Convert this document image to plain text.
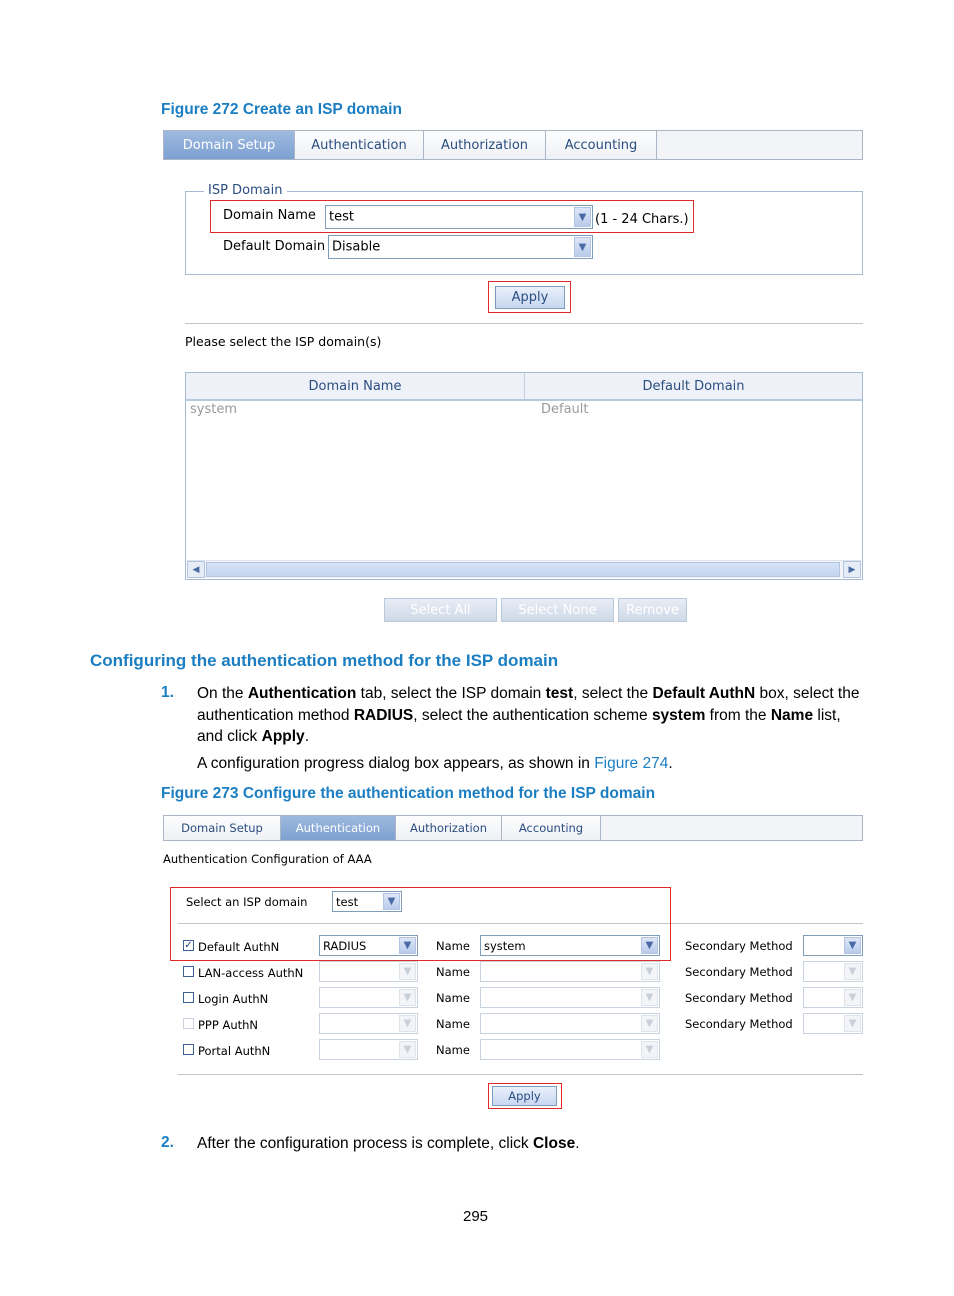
Figure 272 Create an ISP domain
Domain Setup	Authentication	Authorization	Accounting
ISP Domain
Domain Name test	▼ (1 - 24 Chars.)
Default Domain Disable	▼
Apply
Please select the ISP domain(s)
Domain Name	Default Domain
system	Default
◀	▶
Select All	Select None	Remove
Configuring the authentication method for the ISP domain
1. On the Authentication tab, select the ISP domain test, select the Default AuthN box, select the authentication method RADIUS, select the authentication scheme system from the Name list, and click Apply.
A configuration progress dialog box appears, as shown in Figure 274.
Figure 273 Configure the authentication method for the ISP domain
Domain Setup	Authentication	Authorization	Accounting
Authentication Configuration of AAA
Select an ISP domain test	▼
✓ Default AuthN	RADIUS	▼	Name system	▼	Secondary Method	▼
LAN-access AuthN	▼	Name	▼	Secondary Method	▼
Login AuthN	▼	Name	▼	Secondary Method	▼
PPP AuthN	▼	Name	▼	Secondary Method	▼
Portal AuthN	▼	Name	▼
Apply
2. After the configuration process is complete, click Close.
295
